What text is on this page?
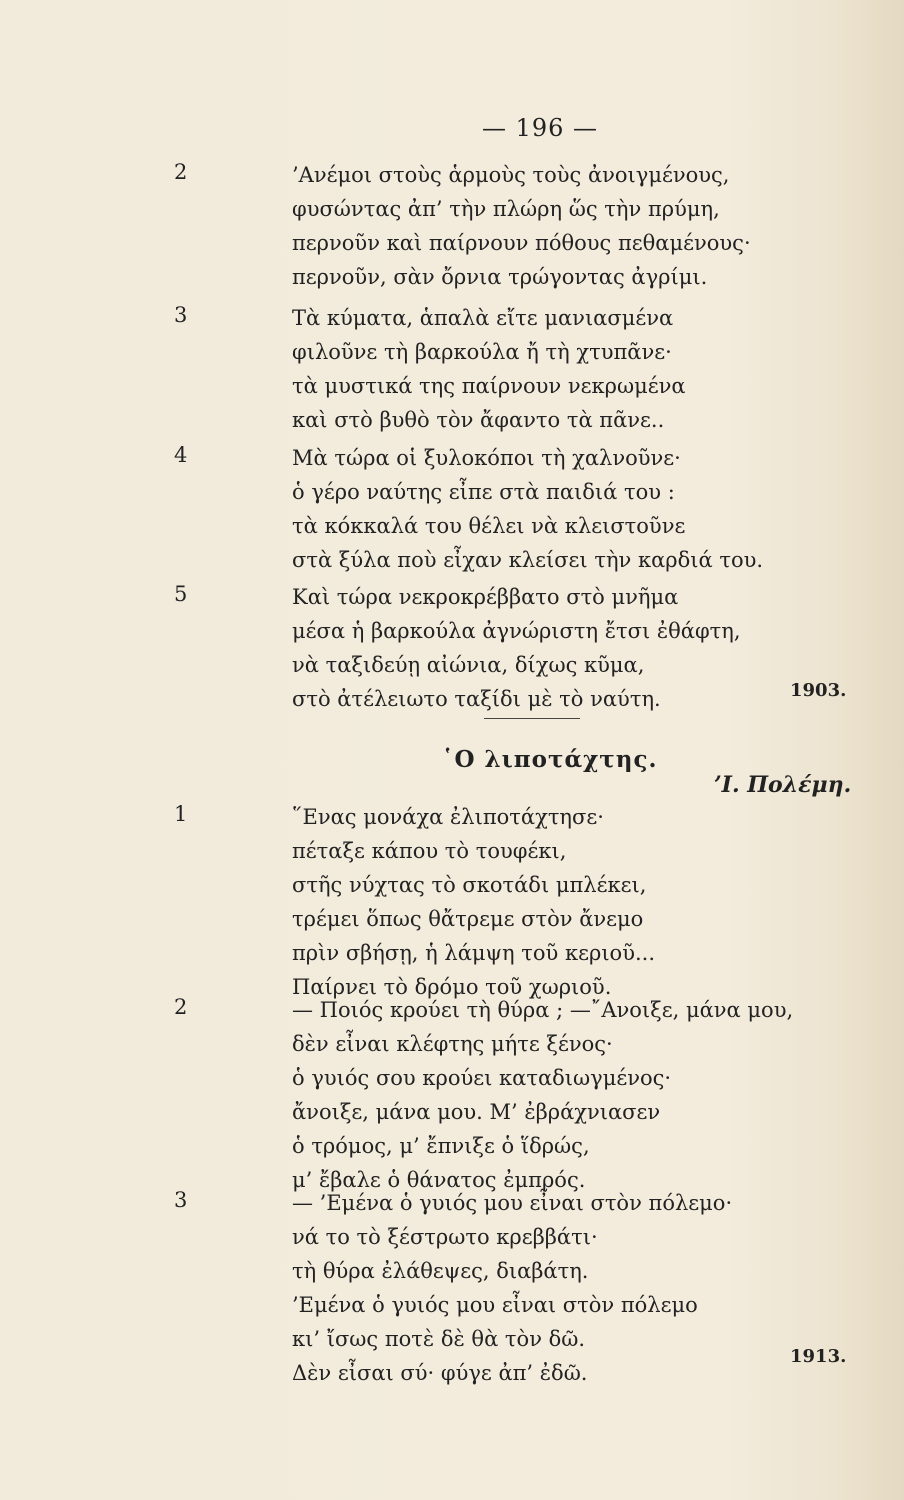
— 196 —
2	’Ανέμοι στοὺς ἁρμοὺς τοὺς ἀνοιγμένους,
φυσώντας ἀπ’ τὴν πλώρη ὥς τὴν πρύμη,
περνοῦν καὶ παίρνουν πόθους πεθαμένους·
περνοῦν, σὰν ὄρνια τρώγοντας ἀγρίμι.
3	Τὰ κύματα, ἁπαλὰ εἴτε μανιασμένα
φιλοῦνε τὴ βαρκούλα ἤ τὴ χτυπᾶνε·
τὰ μυστικά της παίρνουν νεκρωμένα
καὶ στὸ βυθὸ τὸν ἄφαντο τὰ πᾶνε..
4	Μὰ τώρα οἱ ξυλοκόποι τὴ χαλνοῦνε·
ὁ γέρο ναύτης εἶπε στὰ παιδιά του :
τὰ κόκκαλά του θέλει νὰ κλειστοῦνε
στὰ ξύλα ποὺ εἶχαν κλείσει τὴν καρδιά του.
5	Καὶ τώρα νεκροκρέββατο στὸ μνῆμα
μέσα ἡ βαρκούλα ἀγνώριστη ἔτσι ἐθάφτη,
νὰ ταξιδεύῃ αἰώνια, δίχως κῦμα,
στὸ ἀτέλειωτο ταξίδι μὲ τὸ ναύτη.	1903.
῾Ο λιποτάχτης.
’Ι. Πολέμη.
1	῞Ενας μονάχα ἐλιποτάχτησε·
πέταξε κάπου τὸ τουφέκι,
στῆς νύχτας τὸ σκοτάδι μπλέκει,
τρέμει ὅπως θἄτρεμε στὸν ἄνεμο
πρὶν σβήσῃ, ἡ λάμψη τοῦ κεριοῦ...
Παίρνει τὸ δρόμο τοῦ χωριοῦ.
2	— Ποιός κρούει τὴ θύρα ; —῎Ανοιξε, μάνα μου,
δὲν εἶναι κλέφτης μήτε ξένος·
ὁ γυιός σου κρούει καταδιωγμένος·
ἄνοιξε, μάνα μου. Μ’ ἐβράχνιασεν
ὁ τρόμος, μ’ ἔπνιξε ὁ ἵδρώς,
μ’ ἔβαλε ὁ θάνατος ἐμπρός.
3	— ’Εμένα ὁ γυιός μου εἶναι στὸν πόλεμο·
νά το τὸ ξέστρωτο κρεββάτι·
τὴ θύρα ἐλάθεψες, διαβάτη.
’Εμένα ὁ γυιός μου εἶναι στὸν πόλεμο
κι’ ἴσως ποτὲ δὲ θὰ τὸν δῶ.
Δὲν εἶσαι σύ· φύγε ἀπ’ ἐδῶ.
1913.
